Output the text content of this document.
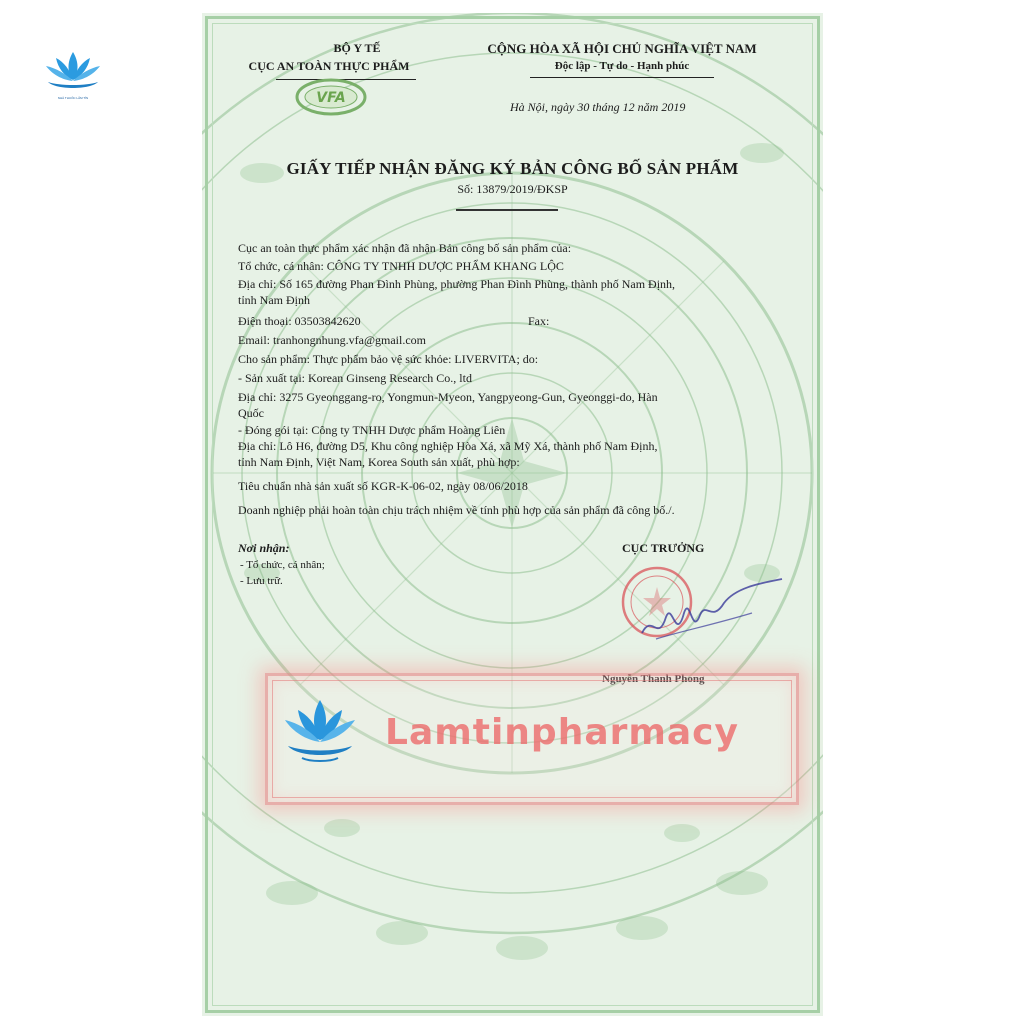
NHÀ THUỐC LÂM TÍN
BỘ Y TẾ
CỤC AN TOÀN THỰC PHẨM
VFA
CỘNG HÒA XÃ HỘI CHỦ NGHĨA VIỆT NAM
Độc lập - Tự do - Hạnh phúc
Hà Nội, ngày 30 tháng 12 năm 2019
GIẤY TIẾP NHẬN ĐĂNG KÝ BẢN CÔNG BỐ SẢN PHẨM
Số: 13879/2019/ĐKSP
Cục an toàn thực phẩm xác nhận đã nhận Bản công bố sản phẩm của:
Tổ chức, cá nhân: CÔNG TY TNHH DƯỢC PHẨM KHANG LỘC
Địa chỉ: Số 165 đường Phan Đình Phùng, phường Phan Đình Phùng, thành phố Nam Định,
tỉnh Nam Định
Điện thoại: 03503842620	Fax:
Email: tranhongnhung.vfa@gmail.com
Cho sản phẩm: Thực phẩm bảo vệ sức khỏe: LIVERVITA; do:
- Sản xuất tại: Korean Ginseng Research Co., ltd
Địa chỉ: 3275 Gyeonggang-ro, Yongmun-Myeon, Yangpyeong-Gun, Gyeonggi-do, Hàn
Quốc
- Đóng gói tại: Công ty TNHH Dược phẩm Hoàng Liên
Địa chỉ: Lô H6, đường D5, Khu công nghiệp Hòa Xá, xã Mỹ Xá, thành phố Nam Định,
tỉnh Nam Định, Việt Nam, Korea South sản xuất, phù hợp:
Tiêu chuẩn nhà sản xuất số KGR-K-06-02, ngày 08/06/2018
Doanh nghiệp phải hoàn toàn chịu trách nhiệm về tính phù hợp của sản phẩm đã công bố./.
Nơi nhận:
- Tổ chức, cá nhân;
- Lưu trữ.
CỤC TRƯỞNG
Nguyễn Thanh Phong
Lamtinpharmacy
